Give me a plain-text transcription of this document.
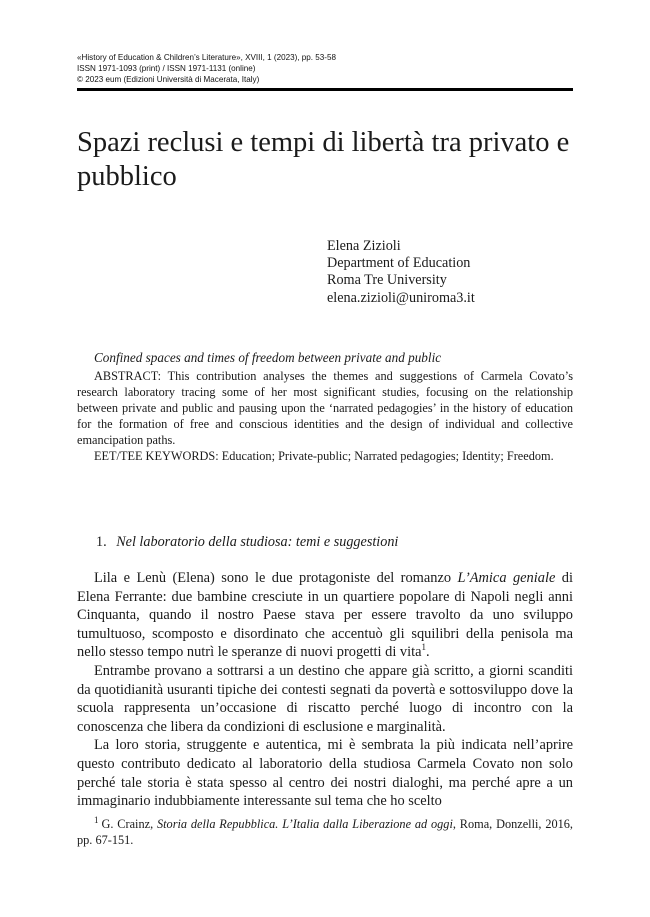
«History of Education & Children’s Literature», XVIII, 1 (2023), pp. 53-58
ISSN 1971-1093 (print) / ISSN 1971-1131 (online)
© 2023 eum (Edizioni Università di Macerata, Italy)
Spazi reclusi e tempi di libertà tra privato e pubblico
Elena Zizioli
Department of Education
Roma Tre University
elena.zizioli@uniroma3.it

Confined spaces and times of freedom between private and public

ABSTRACT: This contribution analyses the themes and suggestions of Carmela Covato’s research laboratory tracing some of her most significant studies, focusing on the relationship between private and public and pausing upon the ‘narrated pedagogies’ in the history of education for the formation of free and conscious identities and the design of individual and collective emancipation paths.

EET/TEE KEYWORDS: Education; Private-public; Narrated pedagogies; Identity; Freedom.

1. Nel laboratorio della studiosa: temi e suggestioni

Lila e Lenù (Elena) sono le due protagoniste del romanzo L’Amica geniale di Elena Ferrante: due bambine cresciute in un quartiere popolare di Napoli negli anni Cinquanta, quando il nostro Paese stava per essere travolto da uno sviluppo tumultuoso, scomposto e disordinato che accentuò gli squilibri della penisola ma nello stesso tempo nutrì le speranze di nuovi progetti di vita$^1$.

Entrambe provano a sottrarsi a un destino che appare già scritto, a giorni scanditi da quotidianità usuranti tipiche dei contesti segnati da povertà e sottosviluppo dove la scuola rappresenta un’occasione di riscatto perché luogo di incontro con la conoscenza che libera da condizioni di esclusione e marginalità.

La loro storia, struggente e autentica, mi è sembrata la più indicata nell’aprire questo contributo dedicato al laboratorio della studiosa Carmela Covato non solo perché tale storia è stata spesso al centro dei nostri dialoghi, ma perché apre a un immaginario indubbiamente interessante sul tema che ho scelto

$^1$ G. Crainz, Storia della Repubblica. L’Italia dalla Liberazione ad oggi, Roma, Donzelli, 2016, pp. 67-151.
